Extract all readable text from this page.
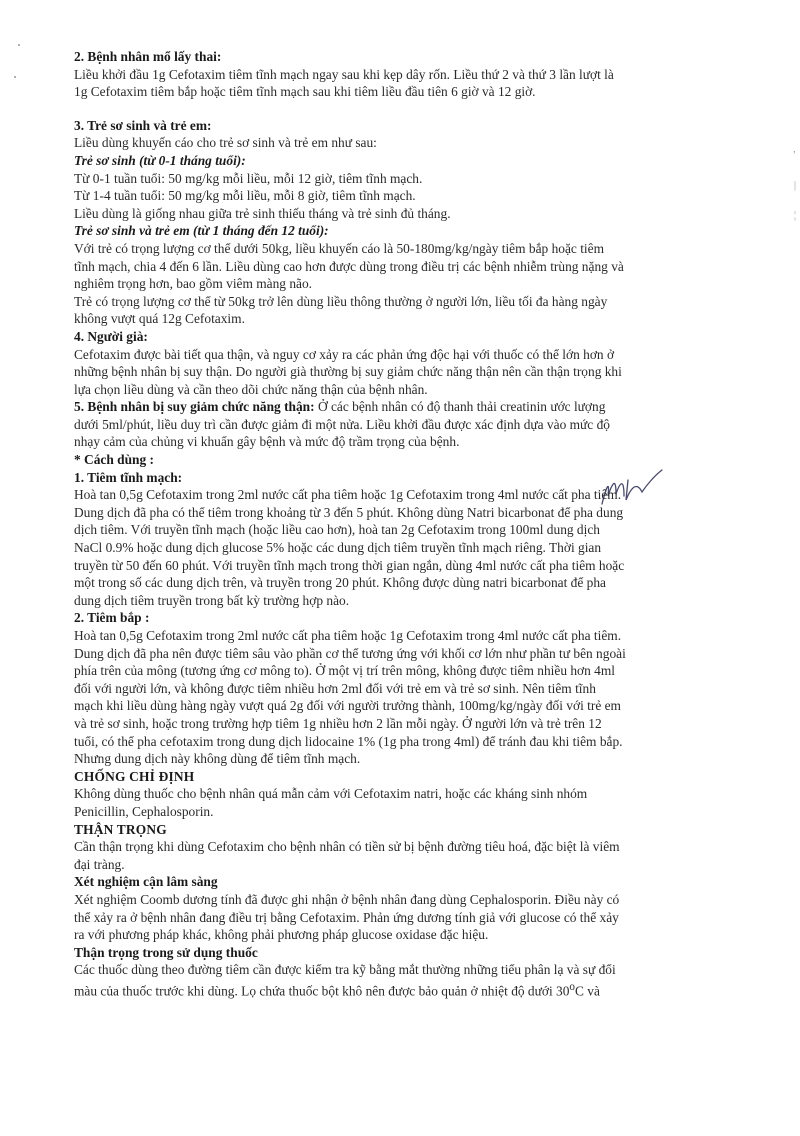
ʼ
|
¦

2. Bệnh nhân mổ lấy thai:

Liều khởi đầu 1g Cefotaxim tiêm tĩnh mạch ngay sau khi kẹp dây rốn. Liều thứ 2 và thứ 3 lần lượt là

1g Cefotaxim tiêm bắp hoặc tiêm tĩnh mạch sau khi tiêm liều đầu tiên 6 giờ và 12 giờ.

3. Trẻ sơ sinh và trẻ em:

Liều dùng khuyến cáo cho trẻ sơ sinh và trẻ em như sau:

Trẻ sơ sinh (từ 0-1 tháng tuổi):

Từ 0-1 tuần tuổi: 50 mg/kg mỗi liều, mỗi 12 giờ, tiêm tĩnh mạch.

Từ 1-4 tuần tuổi: 50 mg/kg mỗi liều, mỗi 8 giờ, tiêm tĩnh mạch.

Liều dùng là giống nhau giữa trẻ sinh thiếu tháng và trẻ sinh đủ tháng.

Trẻ sơ sinh và trẻ em (từ 1 tháng đến 12 tuổi):

Với trẻ có trọng lượng cơ thể dưới 50kg, liều khuyến cáo là 50-180mg/kg/ngày tiêm bắp hoặc tiêm

tĩnh mạch, chia 4 đến 6 lần. Liều dùng cao hơn được dùng trong điều trị các bệnh nhiễm trùng nặng và

nghiêm trọng hơn, bao gồm viêm màng não.

Trẻ có trọng lượng cơ thể từ 50kg trở lên dùng liều thông thường ở người lớn, liều tối đa hàng ngày

không vượt quá 12g Cefotaxim.

4. Người già:

Cefotaxim được bài tiết qua thận, và nguy cơ xảy ra các phản ứng độc hại với thuốc có thể lớn hơn ở

những bệnh nhân bị suy thận. Do người già thường bị suy giảm chức năng thận nên cần thận trọng khi

lựa chọn liều dùng và cần theo dõi chức năng thận của bệnh nhân.

5. Bệnh nhân bị suy giảm chức năng thận: Ở các bệnh nhân có độ thanh thải creatinin ước lượng

dưới 5ml/phút, liều duy trì cần được giảm đi một nửa. Liều khởi đầu được xác định dựa vào mức độ

nhạy cảm của chủng vi khuẩn gây bệnh và mức độ trầm trọng của bệnh.

* Cách dùng :

1. Tiêm tĩnh mạch:

Hoà tan 0,5g Cefotaxim trong 2ml nước cất pha tiêm hoặc 1g Cefotaxim trong 4ml nước cất pha tiêm.

Dung dịch đã pha có thể tiêm trong khoảng từ 3 đến 5 phút. Không dùng Natri bicarbonat để pha dung

dịch tiêm. Với truyền tĩnh mạch (hoặc liều cao hơn), hoà tan 2g Cefotaxim trong 100ml dung dịch

NaCl 0.9% hoặc dung dịch glucose 5% hoặc các dung dịch tiêm truyền tĩnh mạch riêng. Thời gian

truyền từ 50 đến 60 phút. Với truyền tĩnh mạch trong thời gian ngắn, dùng 4ml nước cất pha tiêm hoặc

một trong số các dung dịch trên, và truyền trong 20 phút. Không được dùng natri bicarbonat để pha

dung dịch tiêm truyền trong bất kỳ trường hợp nào.

2. Tiêm bắp :

Hoà tan 0,5g Cefotaxim trong 2ml nước cất pha tiêm hoặc 1g Cefotaxim trong 4ml nước cất pha tiêm.

Dung dịch đã pha nên được tiêm sâu vào phần cơ thể tương ứng với khối cơ lớn như phần tư bên ngoài

phía trên của mông (tương ứng cơ mông to). Ở một vị trí trên mông, không được tiêm nhiều hơn 4ml

đối với người lớn, và không được tiêm nhiều hơn 2ml đối với trẻ em và trẻ sơ sinh. Nên tiêm tĩnh

mạch khi liều dùng hàng ngày vượt quá 2g đối với người trưởng thành, 100mg/kg/ngày đối với trẻ em

và trẻ sơ sinh, hoặc trong trường hợp tiêm 1g nhiều hơn 2 lần mỗi ngày. Ở người lớn và trẻ trên 12

tuổi, có thể pha cefotaxim trong dung dịch lidocaine 1% (1g pha trong 4ml) để tránh đau khi tiêm bắp.

Nhưng dung dịch này không dùng để tiêm tĩnh mạch.

CHỐNG CHỈ ĐỊNH

Không dùng thuốc cho bệnh nhân quá mẫn cảm với Cefotaxim natri, hoặc các kháng sinh nhóm

Penicillin, Cephalosporin.

THẬN TRỌNG

Cần thận trọng khi dùng Cefotaxim cho bệnh nhân có tiền sử bị bệnh đường tiêu hoá, đặc biệt là viêm

đại tràng.

Xét nghiệm cận lâm sàng

Xét nghiệm Coomb dương tính đã được ghi nhận ở bệnh nhân đang dùng Cephalosporin. Điều này có

thể xảy ra ở bệnh nhân đang điều trị bằng Cefotaxim. Phản ứng dương tính giả với glucose có thể xảy

ra với phương pháp khác, không phải phương pháp glucose oxidase đặc hiệu.

Thận trọng trong sử dụng thuốc

Các thuốc dùng theo đường tiêm cần được kiểm tra kỹ bằng mắt thường những tiểu phân lạ và sự đổi

màu của thuốc trước khi dùng. Lọ chứa thuốc bột khô nên được bảo quản ở nhiệt độ dưới 30$^o$C và
